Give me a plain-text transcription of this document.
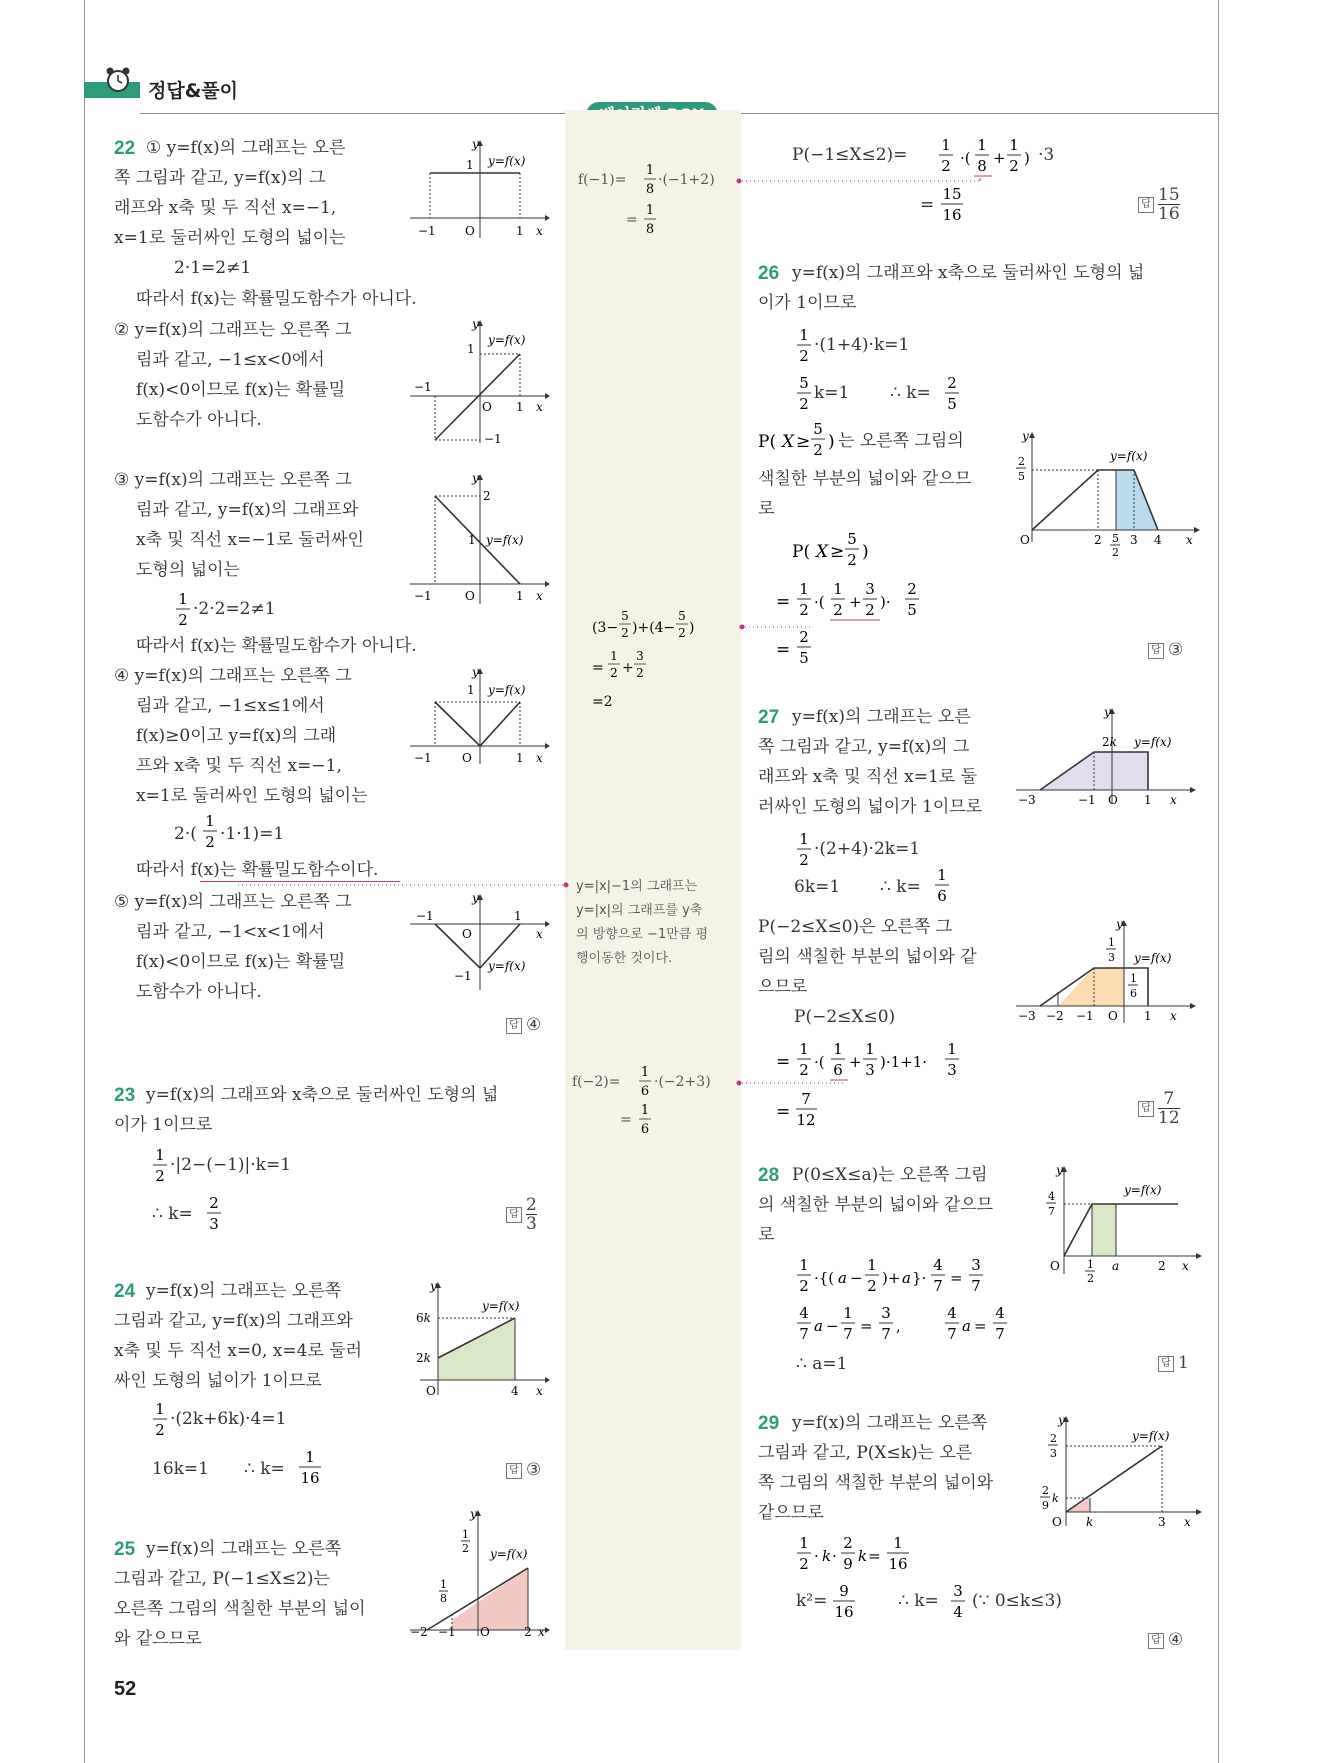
정답&풀이
22 ① y=f(x)의 그래프는 오른
쪽 그림과 같고, y=f(x)의 그
래프와 x축 및 두 직선 x=−1,
x=1로 둘러싸인 도형의 넓이는
2·1=2≠1
따라서 f(x)는 확률밀도함수가 아니다.
② y=f(x)의 그래프는 오른쪽 그
림과 같고, −1≤x<0에서
f(x)<0이므로 f(x)는 확률밀
도함수가 아니다.
③ y=f(x)의 그래프는 오른쪽 그
림과 같고, y=f(x)의 그래프와
x축 및 직선 x=−1로 둘러싸인
도형의 넓이는
1
2
·2·2=2≠1
따라서 f(x)는 확률밀도함수가 아니다.
④ y=f(x)의 그래프는 오른쪽 그
림과 같고, −1≤x≤1에서
f(x)≥0이고 y=f(x)의 그래
프와 x축 및 두 직선 x=−1,
x=1로 둘러싸인 도형의 넓이는
2·(
1
2 ·1·1)=1
따라서 f(x)는 확률밀도함수이다.
⑤ y=f(x)의 그래프는 오른쪽 그
림과 같고, −1<x<1에서
f(x)<0이므로 f(x)는 확률밀
도함수가 아니다.
답 ④
y
1 y=f(x)
−1 O	1 x
y
1
y=f(x)
−1
O 1 x
−1
y
2
1 y=f(x)
−1	O	1 x
y
1 y=f(x)
−1	O	1 x
y
−1	1
O	x
−1
y=f(x)
23 y=f(x)의 그래프와 x축으로 둘러싸인 도형의 넓
이가 1이므로
1
2
·|2−(−1)|·k=1
∴ k=
2
3
답 $\frac{2}{3}$
24 y=f(x)의 그래프는 오른쪽
그림과 같고, y=f(x)의 그래프와
x축 및 두 직선 x=0, x=4로 둘러
싸인 도형의 넓이가 1이므로
1
2
·(2k+6k)·4=1
16k=1 ∴ k=
1
16	답 ③
y
6k
2k
y=f(x)
O	4 x
25 y=f(x)의 그래프는 오른쪽
그림과 같고, P(−1≤X≤2)는
오른쪽 그림의 색칠한 부분의 넓이
와 같으므로
y
1
2
1
8
y=f(x)
−2 −1 O	2 x
P(−1≤X≤2)= 1
2 ·(
1
8 +
1
2 ) ·3
=
15
16
답 $\frac{15}{16}$
26 y=f(x)의 그래프와 x축으로 둘러싸인 도형의 넓
이가 1이므로
1
2
·(1+4)·k=1
5
2
k=1 ∴ k= 2
5
P( X ≥
5
2 ) 는 오른쪽 그림의
색칠한 부분의 넓이와 같으므
로
P( X ≥
5
2 )
=
1
2 ·(
1
2 +
3
2 )·
2
5
=
2
5	답 ③
y
2
5
y=f(x)
O	2 5
2
3 4 x
27 y=f(x)의 그래프는 오른
쪽 그림과 같고, y=f(x)의 그
래프와 x축 및 직선 x=1로 둘
러싸인 도형의 넓이가 1이므로
1
2
·(2+4)·2k=1
6k=1 ∴ k=
1
6
P(−2≤X≤0)은 오른쪽 그
림의 색칠한 부분의 넓이와 같
으므로
P(−2≤X≤0)
=
1
2 ·(
1
6 +
1
3 )·1+1·
1
3
=
7
12
답 $\frac{7}{12}$
y
2k y=f(x)
−3	−1 O 1 x
y
1
3
1
6
y=f(x)
−3 −2 −1 O 1 x
28 P(0≤X≤a)는 오른쪽 그림
의 색칠한 부분의 넓이와 같으므
로
1
2 ·{( a −
1
2 )+ a }·
4
7 =
3
7
4
7 a −
1
7 =
3
7 ,
4
7 a =
4
7
∴ a=1	답 1
y
4
7
y=f(x)
O 1
2
a	2 x
29 y=f(x)의 그래프는 오른쪽
그림과 같고, P(X≤k)는 오른
쪽 그림의 색칠한 부분의 넓이와
같으므로
1
2 · k ·
2
9 k =
1
16
k²= 9
16
∴ k= 3
4
(∵ 0≤k≤3)
답 ④
y
2
3
2
9
k
y=f(x)
O k	3 x
f(−1)=
1
8
·(−1+2)
=
1
8
(3−
5
2 )+(4−
5
2 )
=
1
2 +
3
2
=2
y=|x|−1의 그래프는
y=|x|의 그래프를 y축
의 방향으로 −1만큼 평
행이동한 것이다.
f(−2)=
1
6
·(−2+3)
=
1
6
52
